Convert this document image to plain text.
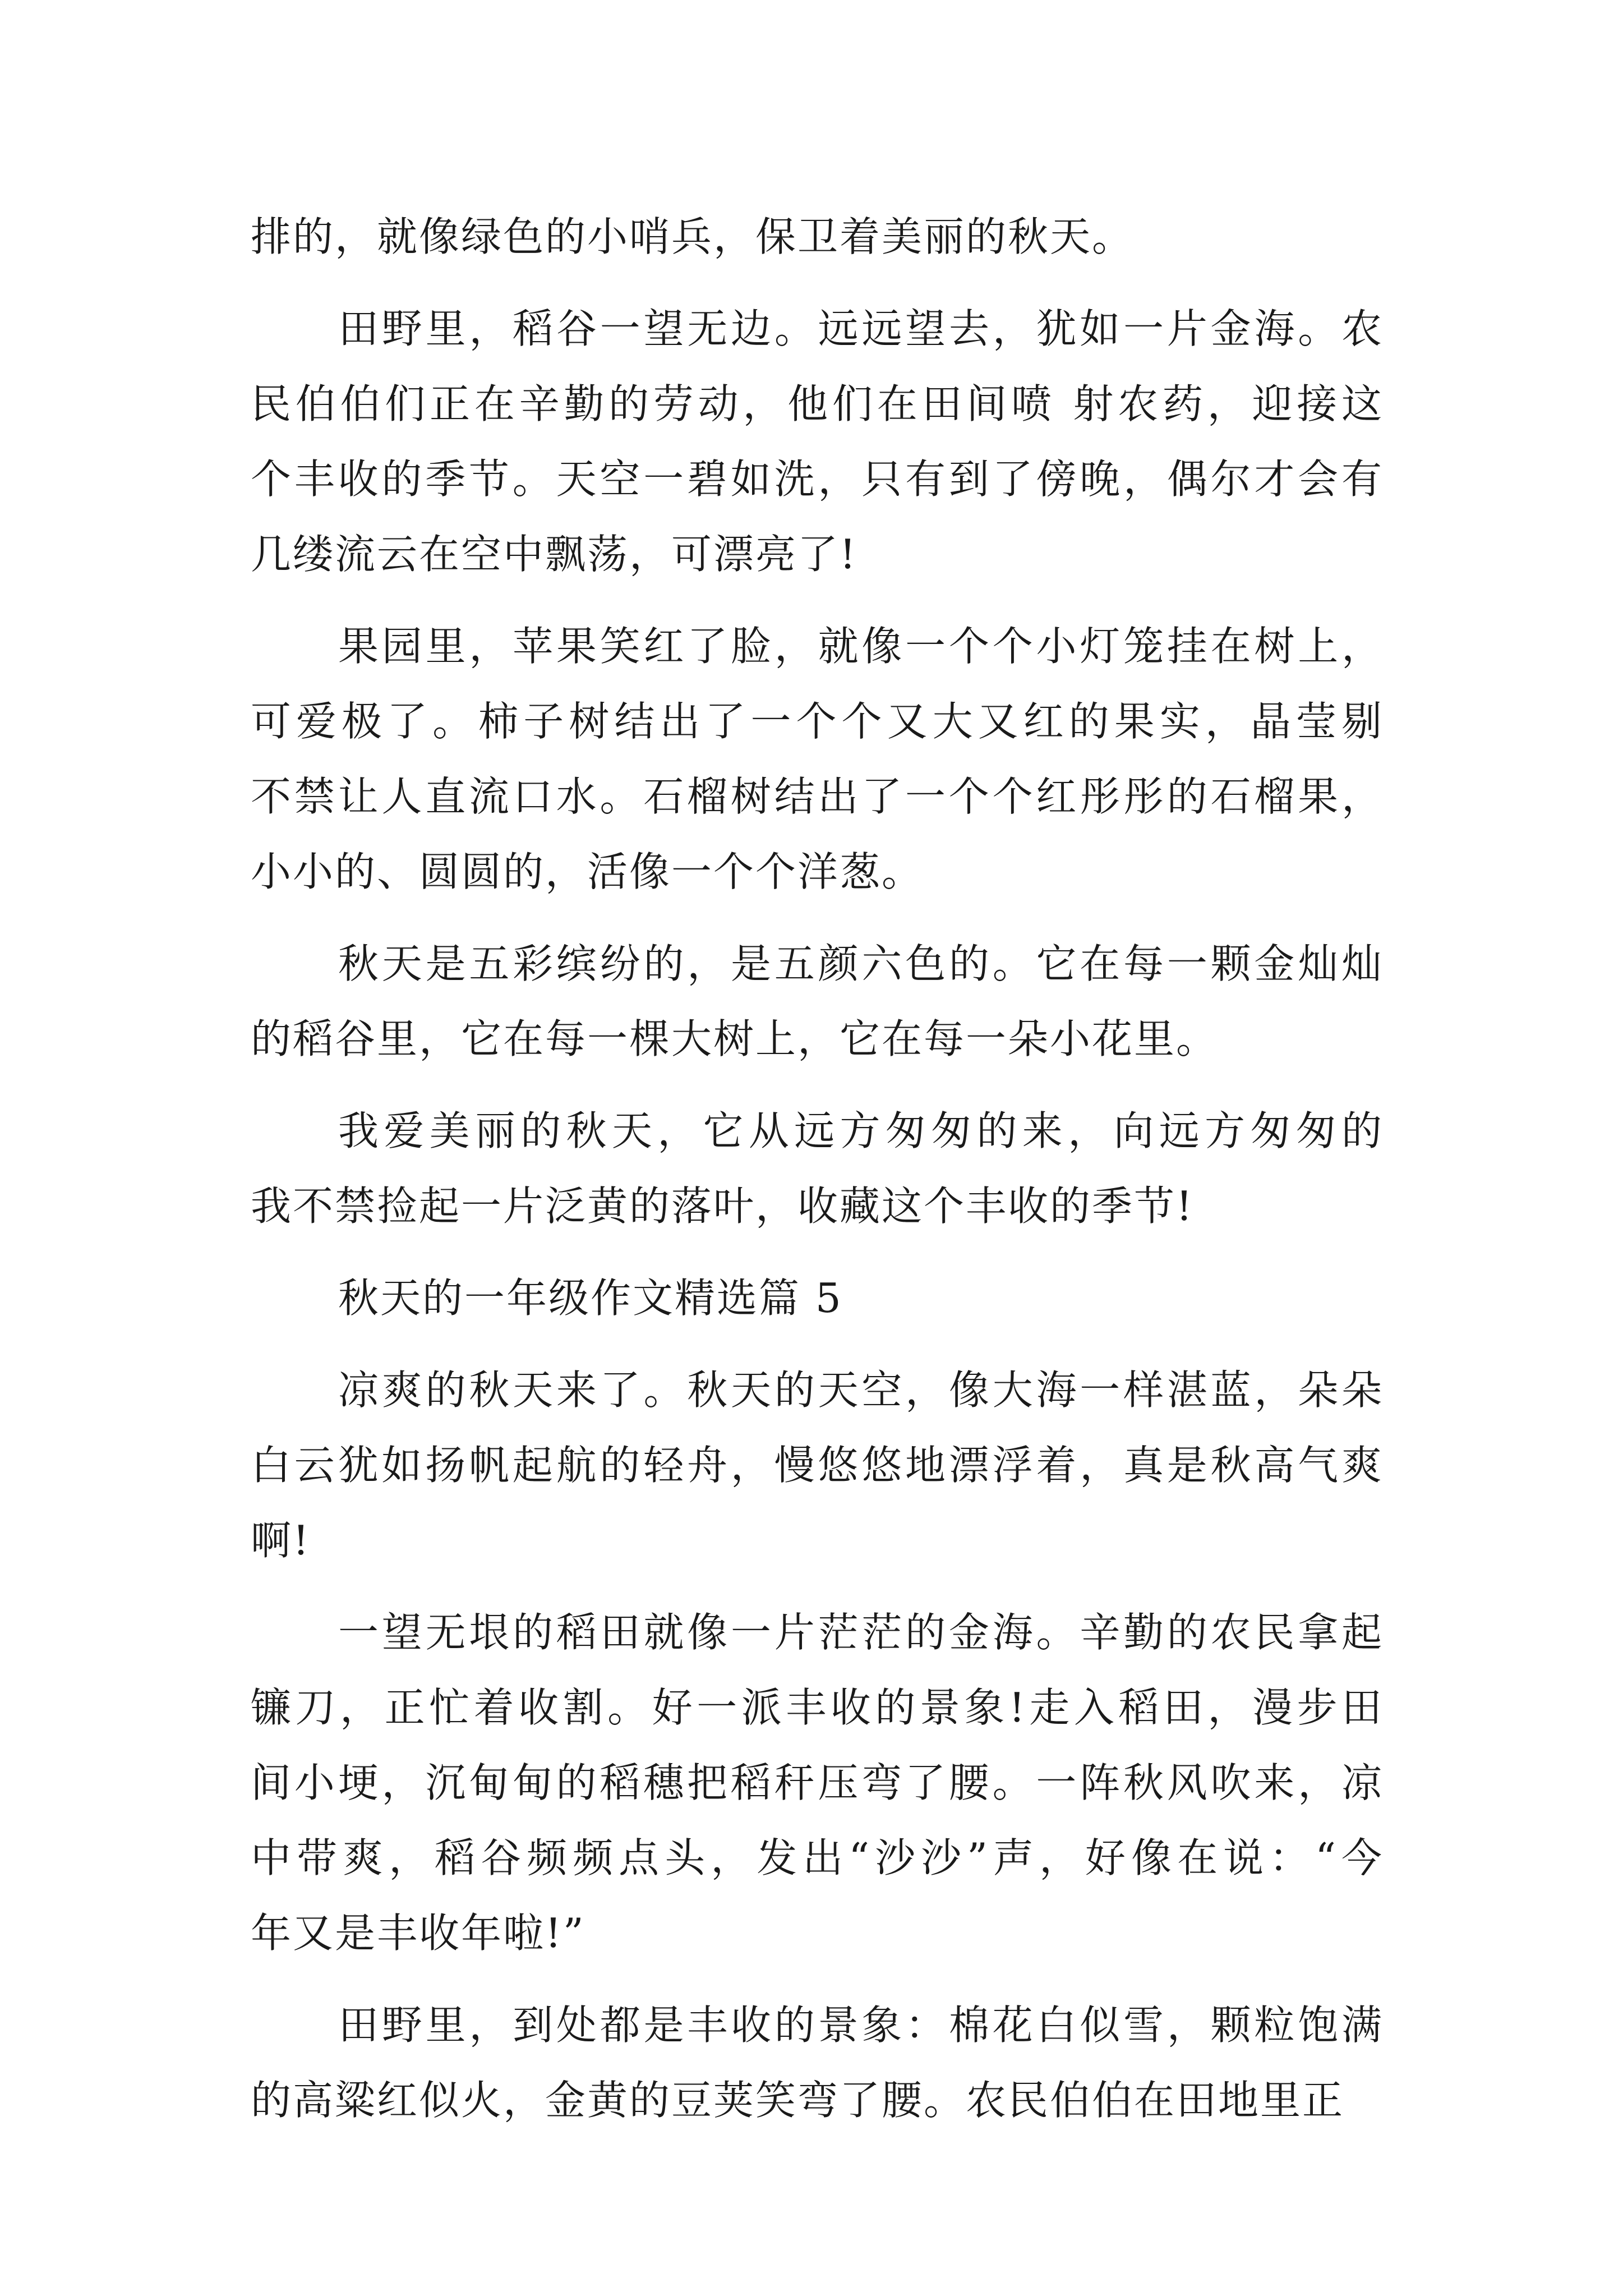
排的，就像绿色的小哨兵，保卫着美丽的秋天。
田野里，稻谷一望无边。远远望去，犹如一片金海。农
民伯伯们正在辛勤的劳动，他们在田间喷 射农药，迎接这
个丰收的季节。天空一碧如洗，只有到了傍晚，偶尔才会有
几缕流云在空中飘荡，可漂亮了!
果园里，苹果笑红了脸，就像一个个小灯笼挂在树上，
可爱极了。柿子树结出了一个个又大又红的果实，晶莹剔
不禁让人直流口水。石榴树结出了一个个红彤彤的石榴果，
小小的、圆圆的，活像一个个洋葱。
秋天是五彩缤纷的，是五颜六色的。它在每一颗金灿灿
的稻谷里，它在每一棵大树上，它在每一朵小花里。
我爱美丽的秋天，它从远方匆匆的来，向远方匆匆的
我不禁捡起一片泛黄的落叶，收藏这个丰收的季节!
秋天的一年级作文精选篇 5
凉爽的秋天来了。秋天的天空，像大海一样湛蓝，朵朵
白云犹如扬帆起航的轻舟，慢悠悠地漂浮着，真是秋高气爽
啊!
一望无垠的稻田就像一片茫茫的金海。辛勤的农民拿起
镰刀，正忙着收割。好一派丰收的景象!走入稻田，漫步田
间小埂，沉甸甸的稻穗把稻秆压弯了腰。一阵秋风吹来，凉
中带爽，稻谷频频点头，发出“沙沙”声，好像在说：“今
年又是丰收年啦!”
田野里，到处都是丰收的景象：棉花白似雪，颗粒饱满
的高粱红似火，金黄的豆荚笑弯了腰。农民伯伯在田地里正
